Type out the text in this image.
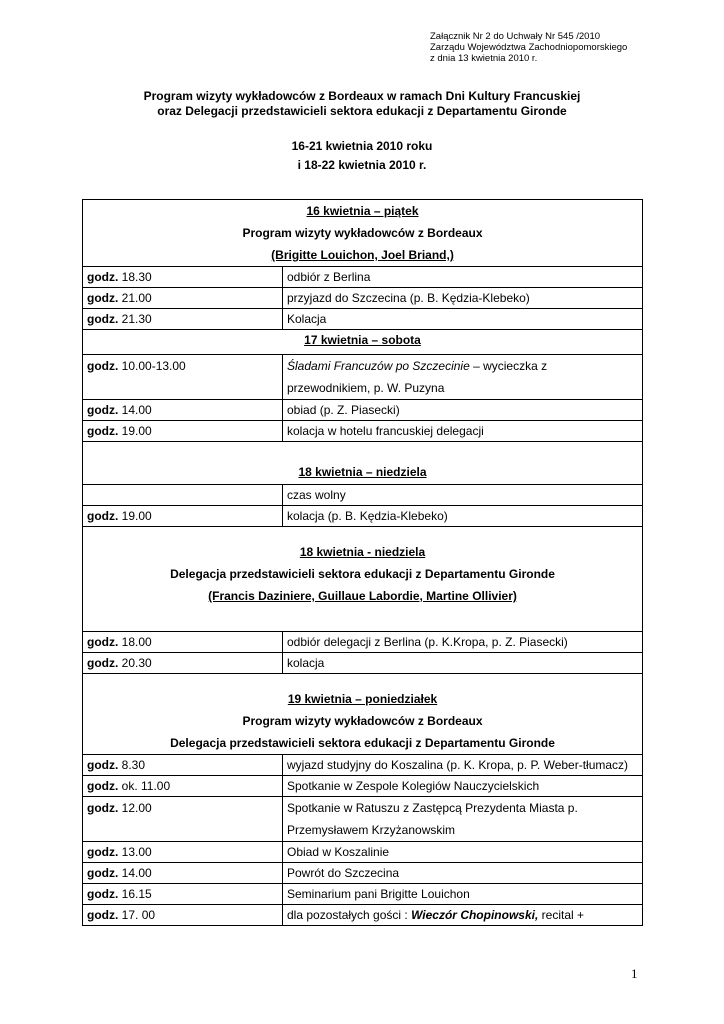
Załącznik Nr 2 do Uchwały Nr 545 /2010
Zarządu Województwa Zachodniopomorskiego
z dnia 13 kwietnia 2010 r.
Program wizyty wykładowców z Bordeaux w ramach Dni Kultury Francuskiej
oraz Delegacji przedstawicieli sektora edukacji z Departamentu Gironde
16-21 kwietnia 2010 roku
i 18-22 kwietnia 2010 r.
16 kwietnia – piątek
Program wizyty wykładowców z Bordeaux
(Brigitte Louichon, Joel Briand,)	

godz. 18.30	odbiór z Berlina
godz. 21.00	przyjazd do Szczecina (p. B. Kędzia-Klebeko)
godz. 21.30	Kolacja

17 kwietnia – sobota	

godz. 10.00-13.00	Śladami Francuzów po Szczecinie – wycieczka z
przewodnikiem, p. W. Puzyna
godz. 14.00	obiad (p. Z. Piasecki)
godz. 19.00	kolacja w hotelu francuskiej delegacji

18 kwietnia – niedziela	

	czas wolny
godz. 19.00	kolacja (p. B. Kędzia-Klebeko)

18 kwietnia - niedziela
Delegacja przedstawicieli sektora edukacji z Departamentu Gironde
(Francis Daziniere, Guillaue Labordie, Martine Ollivier)	

godz. 18.00	odbiór delegacji z Berlina (p. K.Kropa, p. Z. Piasecki)
godz. 20.30	kolacja

19 kwietnia – poniedziałek
Program wizyty wykładowców z Bordeaux
Delegacja przedstawicieli sektora edukacji z Departamentu Gironde	

godz. 8.30	wyjazd studyjny do Koszalina (p. K. Kropa, p. P. Weber-tłumacz)
godz. ok. 11.00	Spotkanie w Zespole Kolegiów Nauczycielskich
godz. 12.00	Spotkanie w Ratuszu z Zastępcą Prezydenta Miasta p.
Przemysławem Krzyżanowskim
godz. 13.00	Obiad w Koszalinie
godz. 14.00	Powrót do Szczecina
godz. 16.15	Seminarium pani Brigitte Louichon
godz. 17. 00	dla pozostałych gości : Wieczór Chopinowski, recital +
1
